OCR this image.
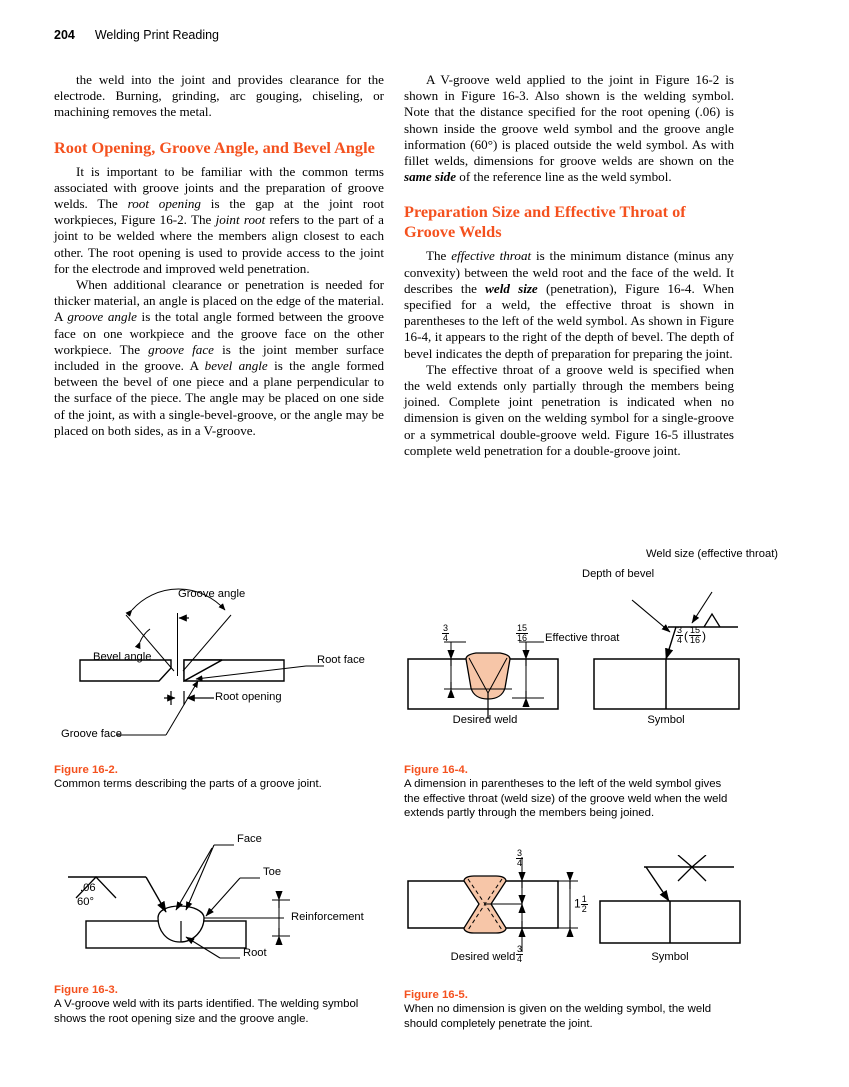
204 Welding Print Reading

the weld into the joint and provides clearance for the electrode. Burning, grinding, arc gouging, chiseling, or machining removes the metal.

Root Opening, Groove Angle, and Bevel Angle

It is important to be familiar with the common terms associated with groove joints and the preparation of groove welds. The root opening is the gap at the joint root workpieces, Figure 16-2. The joint root refers to the part of a joint to be welded where the members align closest to each other. The root opening is used to provide access to the joint for the electrode and improved weld penetration.

When additional clearance or penetration is needed for thicker material, an angle is placed on the edge of the material. A groove angle is the total angle formed between the groove face on one workpiece and the groove face on the other workpiece. The groove face is the joint member surface included in the groove. A bevel angle is the angle formed between the bevel of one piece and a plane perpendicular to the surface of the piece. The angle may be placed on one side of the joint, as with a single-bevel-groove, or the angle may be placed on both sides, as in a V-groove.

A V-groove weld applied to the joint in Figure 16-2 is shown in Figure 16-3. Also shown is the welding symbol. Note that the distance specified for the root opening (.06) is shown inside the groove weld symbol and the groove angle information (60°) is placed outside the weld symbol. As with fillet welds, dimensions for groove welds are shown on the same side of the reference line as the weld symbol.

Preparation Size and Effective Throat of Groove Welds

The effective throat is the minimum distance (minus any convexity) between the weld root and the face of the weld. It describes the weld size (penetration), Figure 16-4. When specified for a weld, the effective throat is shown in parentheses to the left of the weld symbol. As shown in Figure 16-4, it appears to the right of the depth of bevel. The depth of bevel indicates the depth of preparation for preparing the joint.

The effective throat of a groove weld is specified when the weld extends only partially through the members being joined. Complete joint penetration is indicated when no dimension is given on the welding symbol for a single-groove or a symmetrical double-groove weld. Figure 16-5 illustrates complete weld penetration for a double-groove joint.

Groove angle
Bevel angle	Root face
Root opening
Groove face
Figure 16-2.
Common terms describing the parts of a groove joint.
Depth of bevel
Weld size (effective throat)
Effective throat
$\frac{3}{4}$	$\frac{15}{16}$	$\frac{3}{4}$ ( $\frac{15}{16}$ )
Desired weld	Symbol
Figure 16-4.
A dimension in parentheses to the left of the weld symbol gives the effective throat (weld size) of the groove weld when the weld extends partly through the members being joined.
.06
60°
Face
Toe
Root
Reinforcement
Figure 16-3.
A V-groove weld with its parts identified. The welding symbol shows the root opening size and the groove angle.
$\frac{3}{4}$
$\frac{3}{4}$
$1 \frac{1}{2}$
Desired weld	Symbol
Figure 16-5.
When no dimension is given on the welding symbol, the weld should completely penetrate the joint.
